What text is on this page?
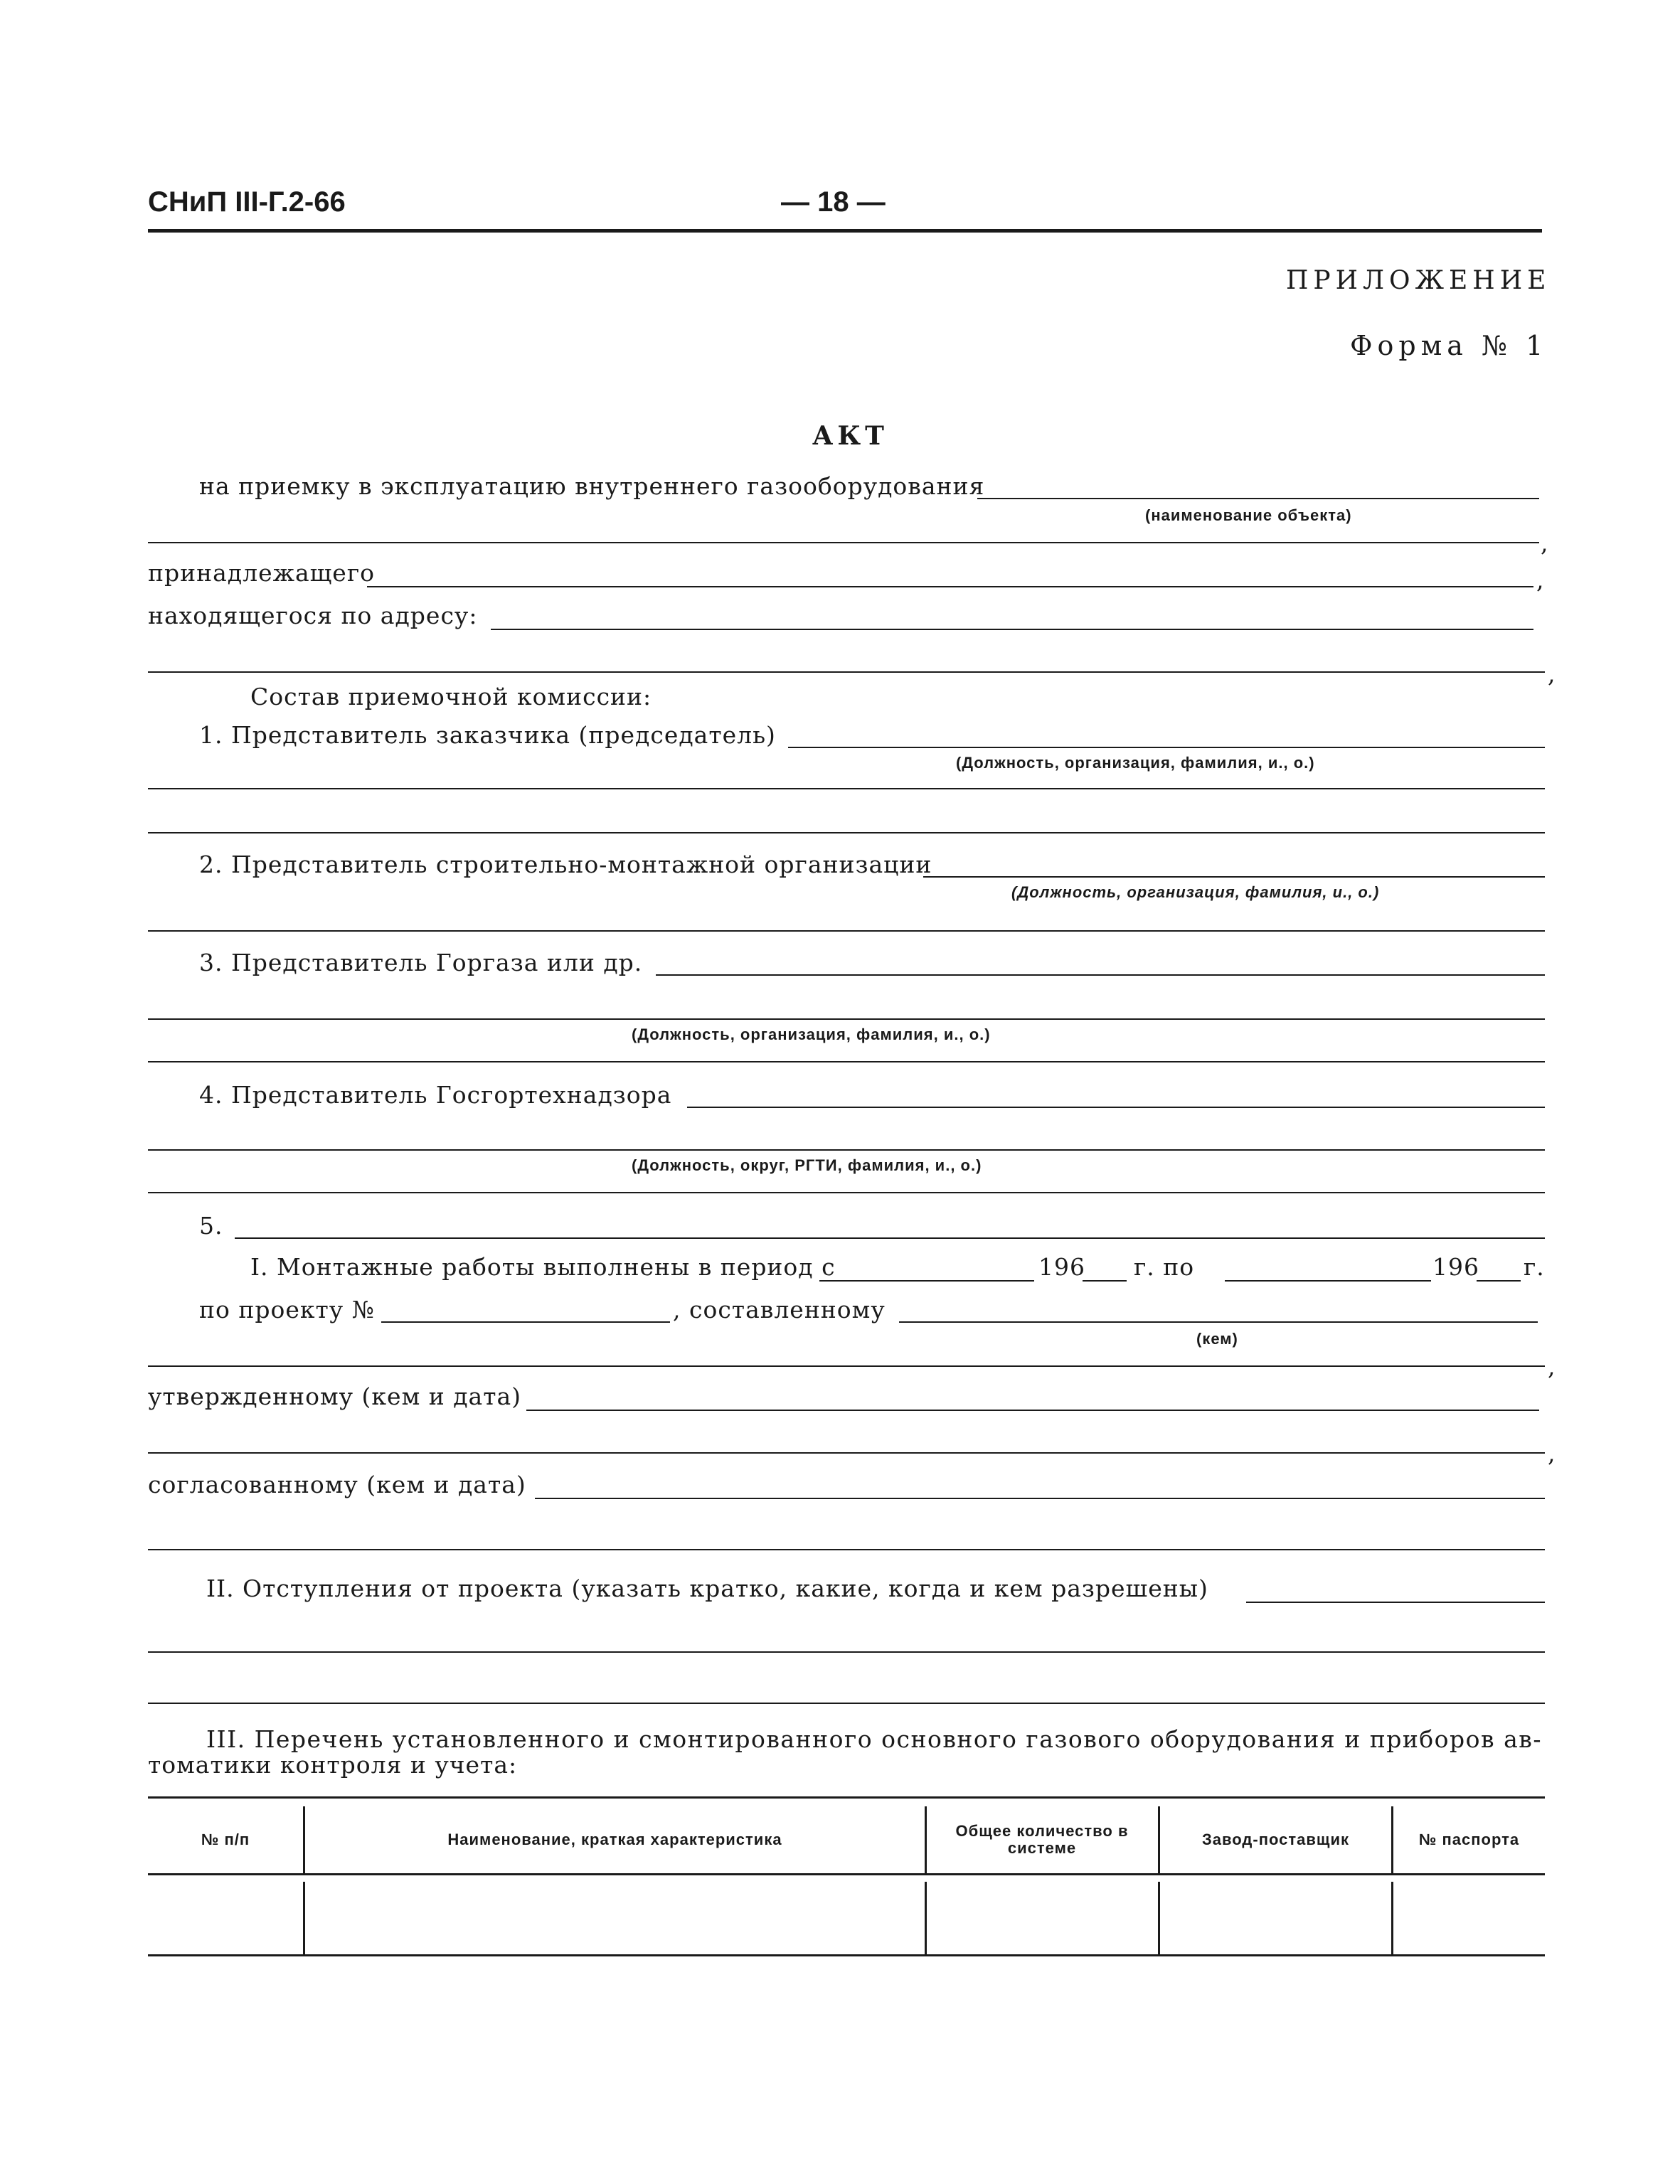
СНиП III-Г.2-66	— 18 —
ПРИЛОЖЕНИЕ
Форма № 1
АКТ
на приемку в эксплуатацию внутреннего газооборудования
(наименование объекта)
,
принадлежащего	,
находящегося по адресу:
,
Состав приемочной комиссии:
1. Представитель заказчика (председатель)
(Должность, организация, фамилия, и., о.)
2. Представитель строительно-монтажной организации
(Должность, организация, фамилия, и., о.)
3. Представитель Горгаза или др.
(Должность, организация, фамилия, и., о.)
4. Представитель Госгортехнадзора
(Должность, округ, РГТИ, фамилия, и., о.)
5.
I. Монтажные работы выполнены в период с	196 г. по	196 г.
по проекту №	, составленному
(кем)
,
утвержденному (кем и дата)
,
согласованному (кем и дата)
II. Отступления от проекта (указать кратко, какие, когда и кем разрешены)
III. Перечень установленного и смонтированного основного газового оборудования и приборов ав-
томатики контроля и учета:
№ п/п	Наименование, краткая характеристика	Общее количество в системе	Завод-поставщик	№ паспорта
